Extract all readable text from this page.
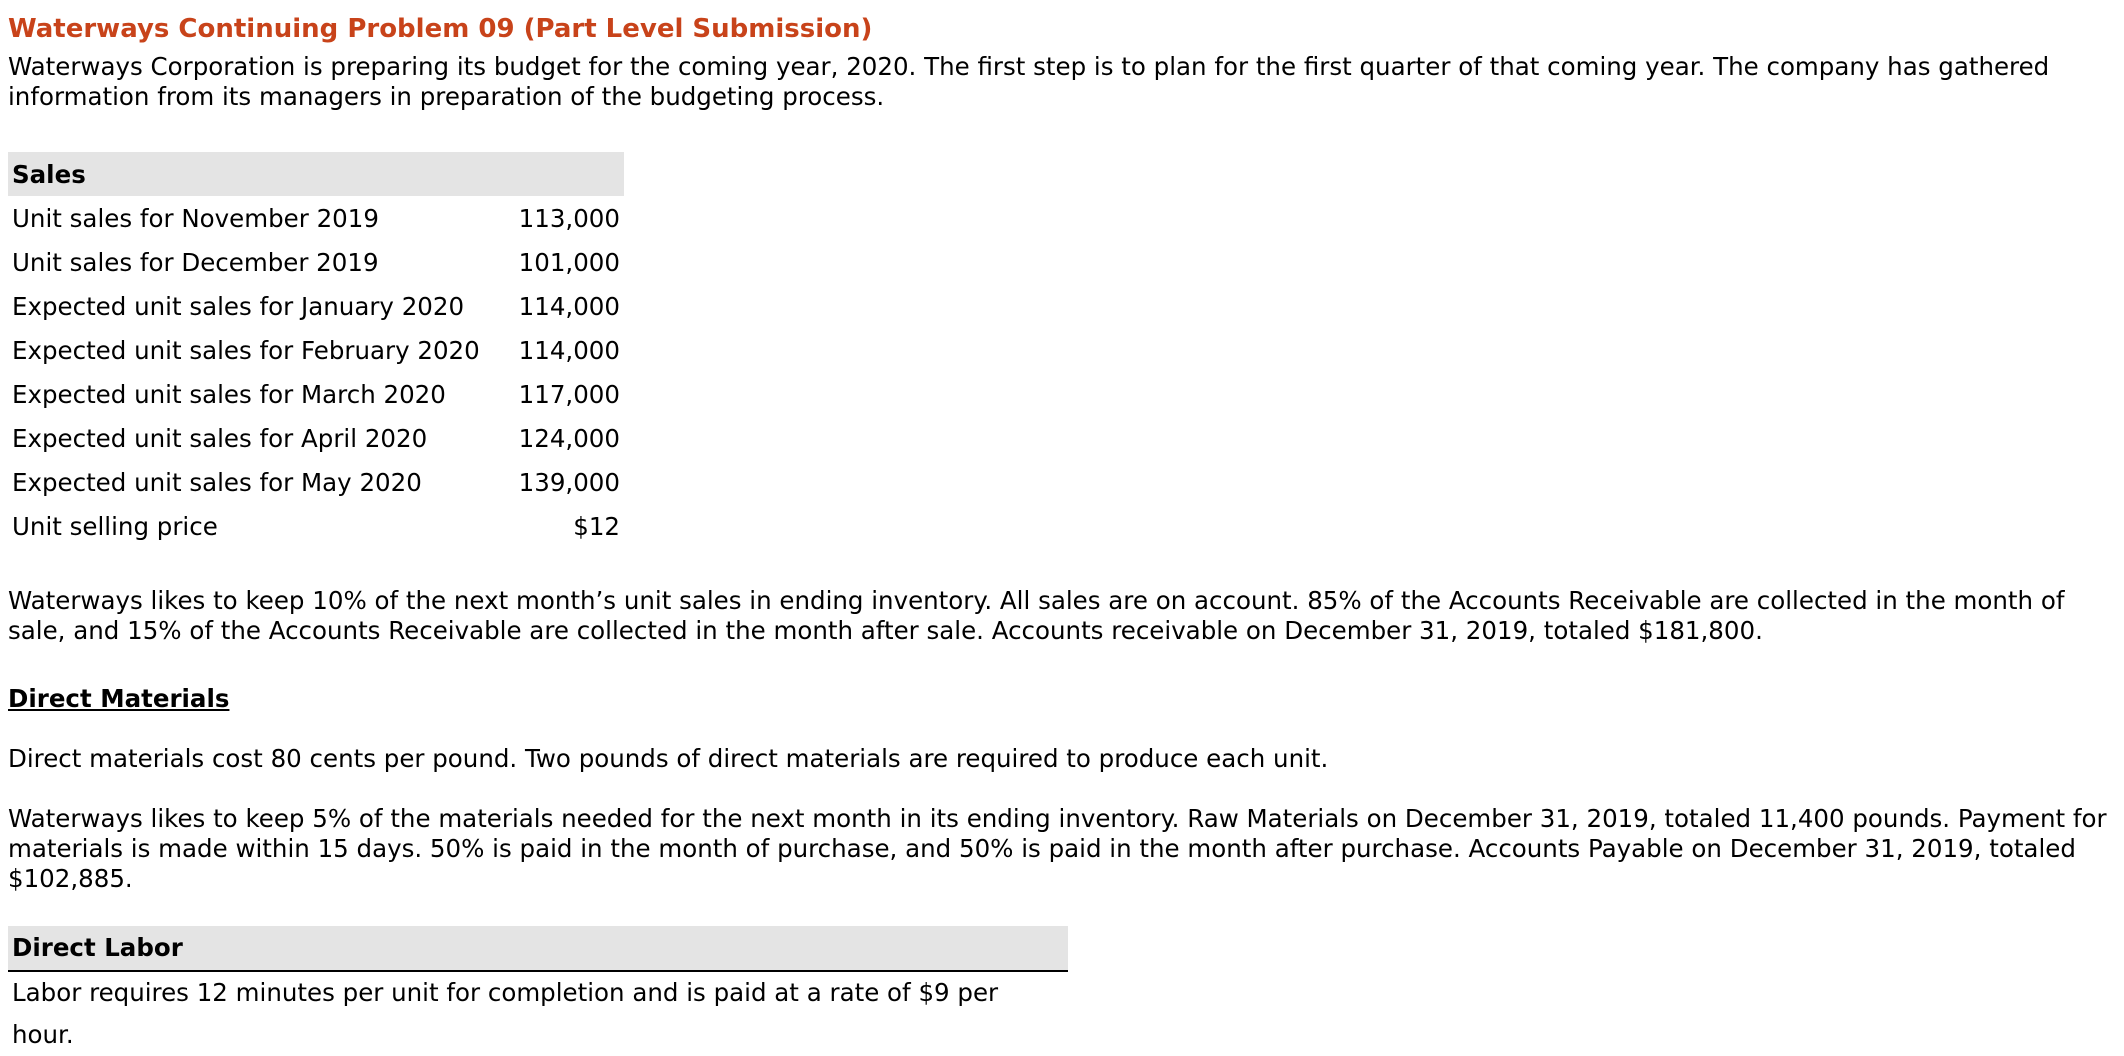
Waterways Continuing Problem 09 (Part Level Submission)

Waterways Corporation is preparing its budget for the coming year, 2020. The first step is to plan for the first quarter of that coming year. The company has gathered information from its managers in preparation of the budgeting process.

Sales	
Unit sales for November 2019	113,000
Unit sales for December 2019	101,000
Expected unit sales for January 2020	114,000
Expected unit sales for February 2020	114,000
Expected unit sales for March 2020	117,000
Expected unit sales for April 2020	124,000
Expected unit sales for May 2020	139,000
Unit selling price	$12

Waterways likes to keep 10% of the next month’s unit sales in ending inventory. All sales are on account. 85% of the Accounts Receivable are collected in the month of sale, and 15% of the Accounts Receivable are collected in the month after sale. Accounts receivable on December 31, 2019, totaled $181,800.

Direct Materials

Direct materials cost 80 cents per pound. Two pounds of direct materials are required to produce each unit.

Waterways likes to keep 5% of the materials needed for the next month in its ending inventory. Raw Materials on December 31, 2019, totaled 11,400 pounds. Payment for materials is made within 15 days. 50% is paid in the month of purchase, and 50% is paid in the month after purchase. Accounts Payable on December 31, 2019, totaled $102,885.

Direct Labor
Labor requires 12 minutes per unit for completion and is paid at a rate of $9 per hour.
